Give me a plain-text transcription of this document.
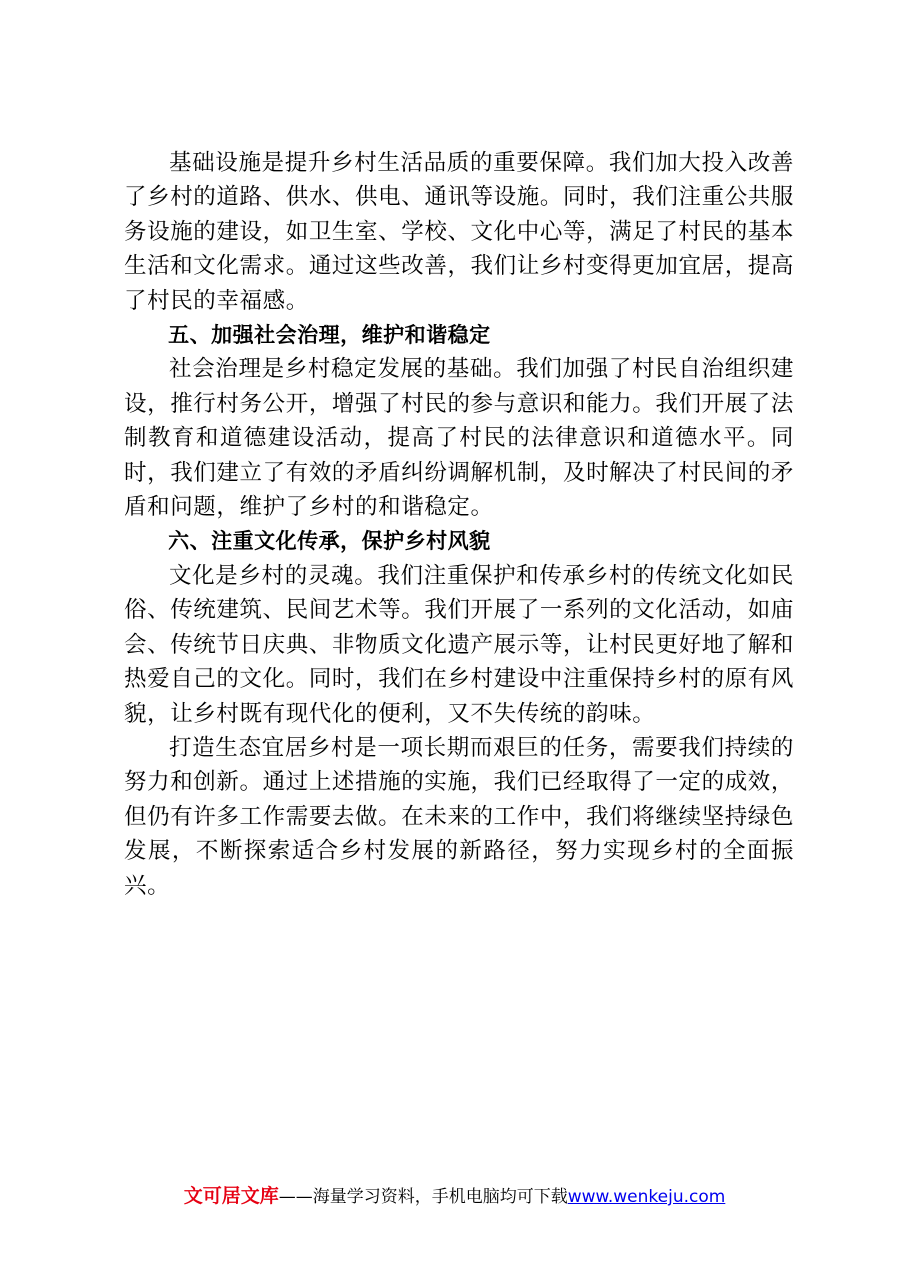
基础设施是提升乡村生活品质的重要保障。我们加大投入改善了乡村的道路、供水、供电、通讯等设施。同时，我们注重公共服务设施的建设，如卫生室、学校、文化中心等，满足了村民的基本生活和文化需求。通过这些改善，我们让乡村变得更加宜居，提高了村民的幸福感。

五、加强社会治理，维护和谐稳定

社会治理是乡村稳定发展的基础。我们加强了村民自治组织建设，推行村务公开，增强了村民的参与意识和能力。我们开展了法制教育和道德建设活动，提高了村民的法律意识和道德水平。同时，我们建立了有效的矛盾纠纷调解机制，及时解决了村民间的矛盾和问题，维护了乡村的和谐稳定。

六、注重文化传承，保护乡村风貌

文化是乡村的灵魂。我们注重保护和传承乡村的传统文化如民俗、传统建筑、民间艺术等。我们开展了一系列的文化活动，如庙会、传统节日庆典、非物质文化遗产展示等，让村民更好地了解和热爱自己的文化。同时，我们在乡村建设中注重保持乡村的原有风貌，让乡村既有现代化的便利，又不失传统的韵味。

打造生态宜居乡村是一项长期而艰巨的任务，需要我们持续的努力和创新。通过上述措施的实施，我们已经取得了一定的成效，但仍有许多工作需要去做。在未来的工作中，我们将继续坚持绿色发展，不断探索适合乡村发展的新路径，努力实现乡村的全面振兴。

文可居文库——海量学习资料，手机电脑均可下载www.wenkeju.com
